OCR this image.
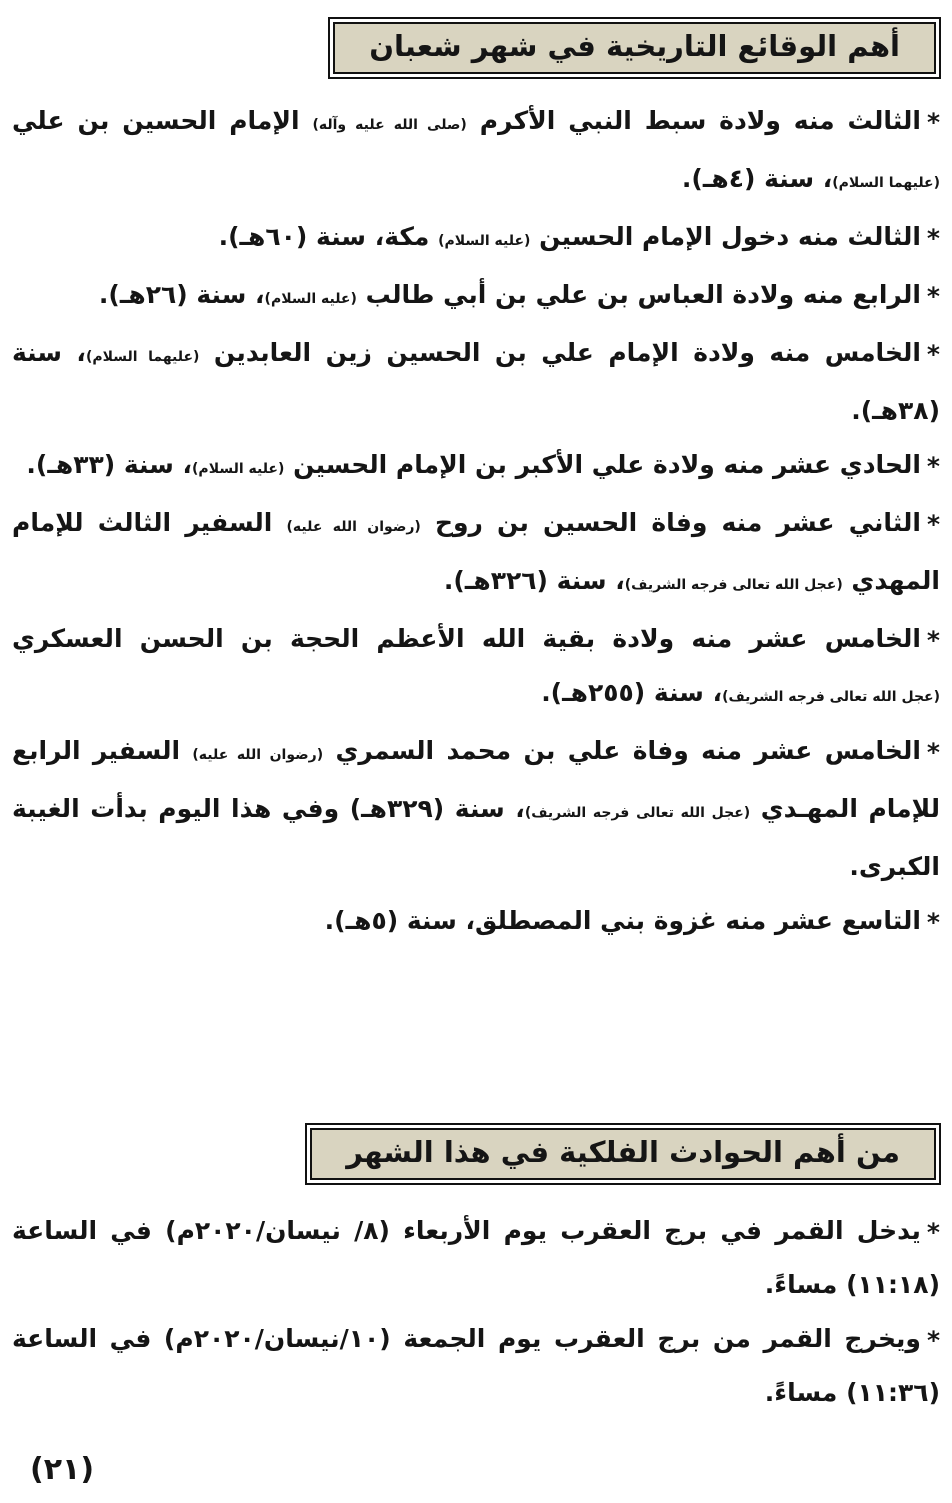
أهم الوقائع التاريخية في شهر شعبان

*الثالث منه ولادة سبط النبي الأكرم (صلى الله عليه وآله) الإمام الحسين بن علي (عليهما السلام)، سنة (٤هـ).

*الثالث منه دخول الإمام الحسين (عليه السلام) مكة، سنة (٦٠هـ).

*الرابع منه ولادة العباس بن علي بن أبي طالب (عليه السلام)، سنة (٢٦هـ).

*الخامس منه ولادة الإمام علي بن الحسين زين العابدين (عليهما السلام)، سنة (٣٨هـ).

*الحادي عشر منه ولادة علي الأكبر بن الإمام الحسين (عليه السلام)، سنة (٣٣هـ).

*الثاني عشر منه وفاة الحسين بن روح (رضوان الله عليه) السفير الثالث للإمام المهدي (عجل الله تعالى فرجه الشريف)، سنة (٣٢٦هـ).

*الخامس عشر منه ولادة بقية الله الأعظم الحجة بن الحسن العسكري (عجل الله تعالى فرجه الشريف)، سنة (٢٥٥هـ).

*الخامس عشر منه وفاة علي بن محمد السمري (رضوان الله عليه) السفير الرابع للإمام المهـدي (عجل الله تعالى فرجه الشريف)، سنة (٣٢٩هـ) وفي هذا اليوم بدأت الغيبة الكبرى.

*التاسع عشر منه غزوة بني المصطلق، سنة (٥هـ).

من أهم الحوادث الفلكية في هذا الشهر

*يدخل القمر في برج العقرب يوم الأربعاء (٨/ نيسان/٢٠٢٠م) في الساعة (١١:١٨) مساءً.

*ويخرج القمر من برج العقرب يوم الجمعة (١٠/نيسان/٢٠٢٠م) في الساعة (١١:٣٦) مساءً.

(٢١)
